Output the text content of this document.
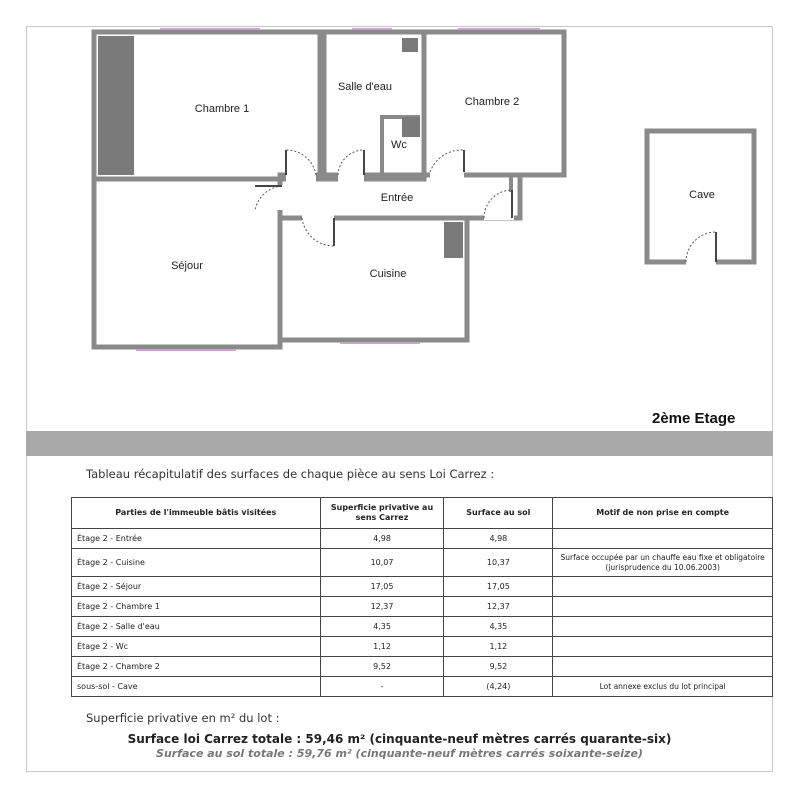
Chambre 1
Salle d'eau
Chambre 2
Wc
Entrée
Séjour
Cuisine
Cave
2ème Etage
Tableau récapitulatif des surfaces de chaque pièce au sens Loi Carrez :
Parties de l'immeuble bâtis visitées	Superficie privative au sens Carrez	Surface au sol	Motif de non prise en compte
Étage 2 - Entrée	4,98	4,98	
Étage 2 - Cuisine	10,07	10,37	Surface occupée par un chauffe eau fixe et obligatoire (jurisprudence du 10.06.2003)
Étage 2 - Séjour	17,05	17,05	
Étage 2 - Chambre 1	12,37	12,37	
Étage 2 - Salle d'eau	4,35	4,35	
Étage 2 - Wc	1,12	1,12	
Étage 2 - Chambre 2	9,52	9,52	
sous-sol - Cave	-	(4,24)	Lot annexe exclus du lot principal
Superficie privative en m² du lot :
Surface loi Carrez totale : 59,46 m² (cinquante-neuf mètres carrés quarante-six)
Surface au sol totale : 59,76 m² (cinquante-neuf mètres carrés soixante-seize)
